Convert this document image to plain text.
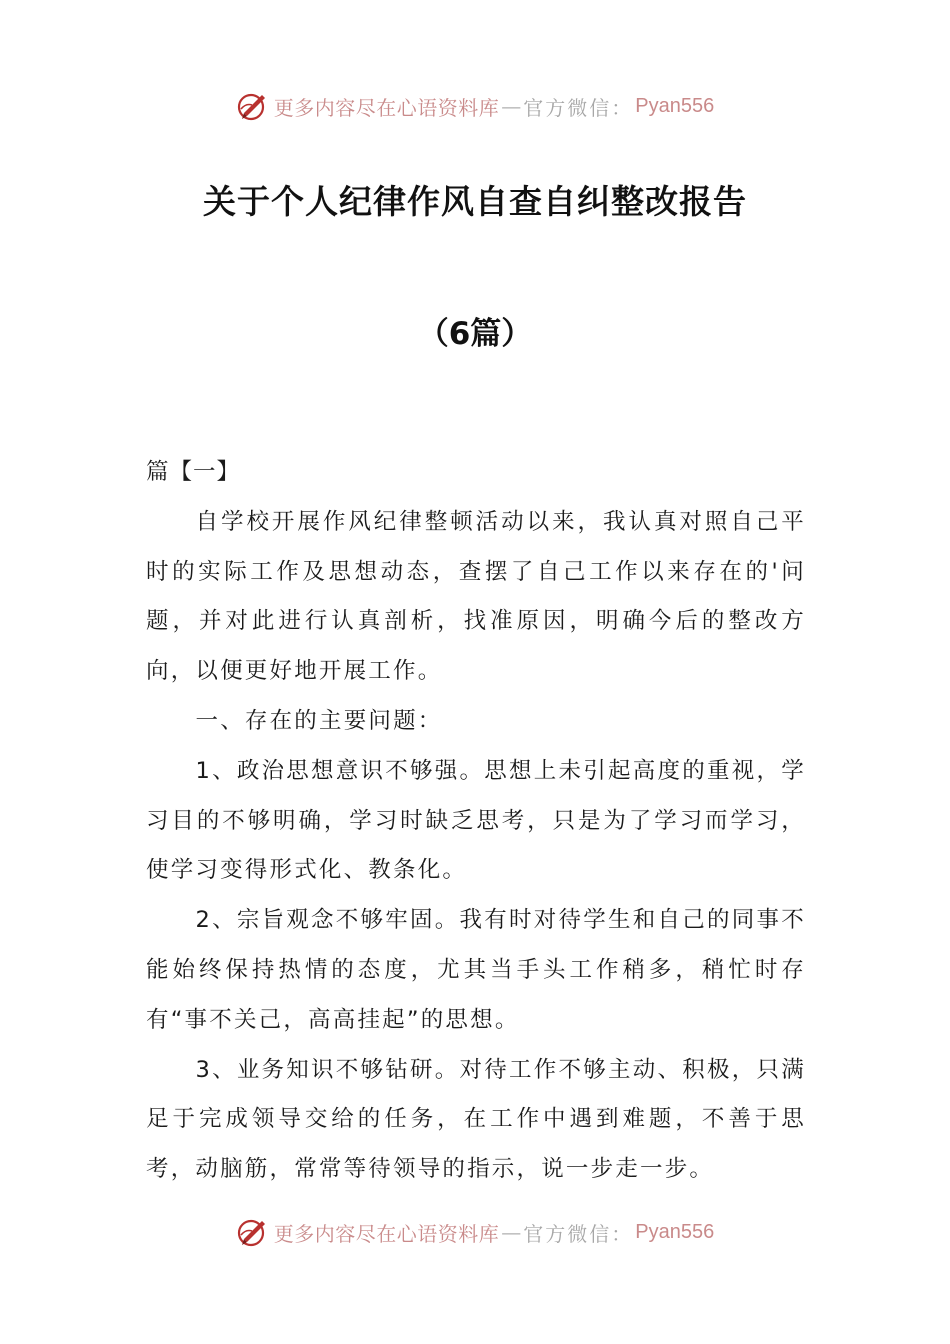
更多内容尽在心语资料库 — 官方微信： Pyan556
关于个人纪律作风自查自纠整改报告
（6篇）

篇【一】

自学校开展作风纪律整顿活动以来，我认真对照自己平时的实际工作及思想动态，查摆了自己工作以来存在的'问题，并对此进行认真剖析，找准原因，明确今后的整改方向，以便更好地开展工作。

一、存在的主要问题：

1、政治思想意识不够强。思想上未引起高度的重视，学习目的不够明确，学习时缺乏思考，只是为了学习而学习，使学习变得形式化、教条化。

2、宗旨观念不够牢固。我有时对待学生和自己的同事不能始终保持热情的态度，尤其当手头工作稍多，稍忙时存有“事不关己，高高挂起”的思想。

3、业务知识不够钻研。对待工作不够主动、积极，只满足于完成领导交给的任务，在工作中遇到难题，不善于思考，动脑筋，常常等待领导的指示，说一步走一步。

更多内容尽在心语资料库 — 官方微信： Pyan556
